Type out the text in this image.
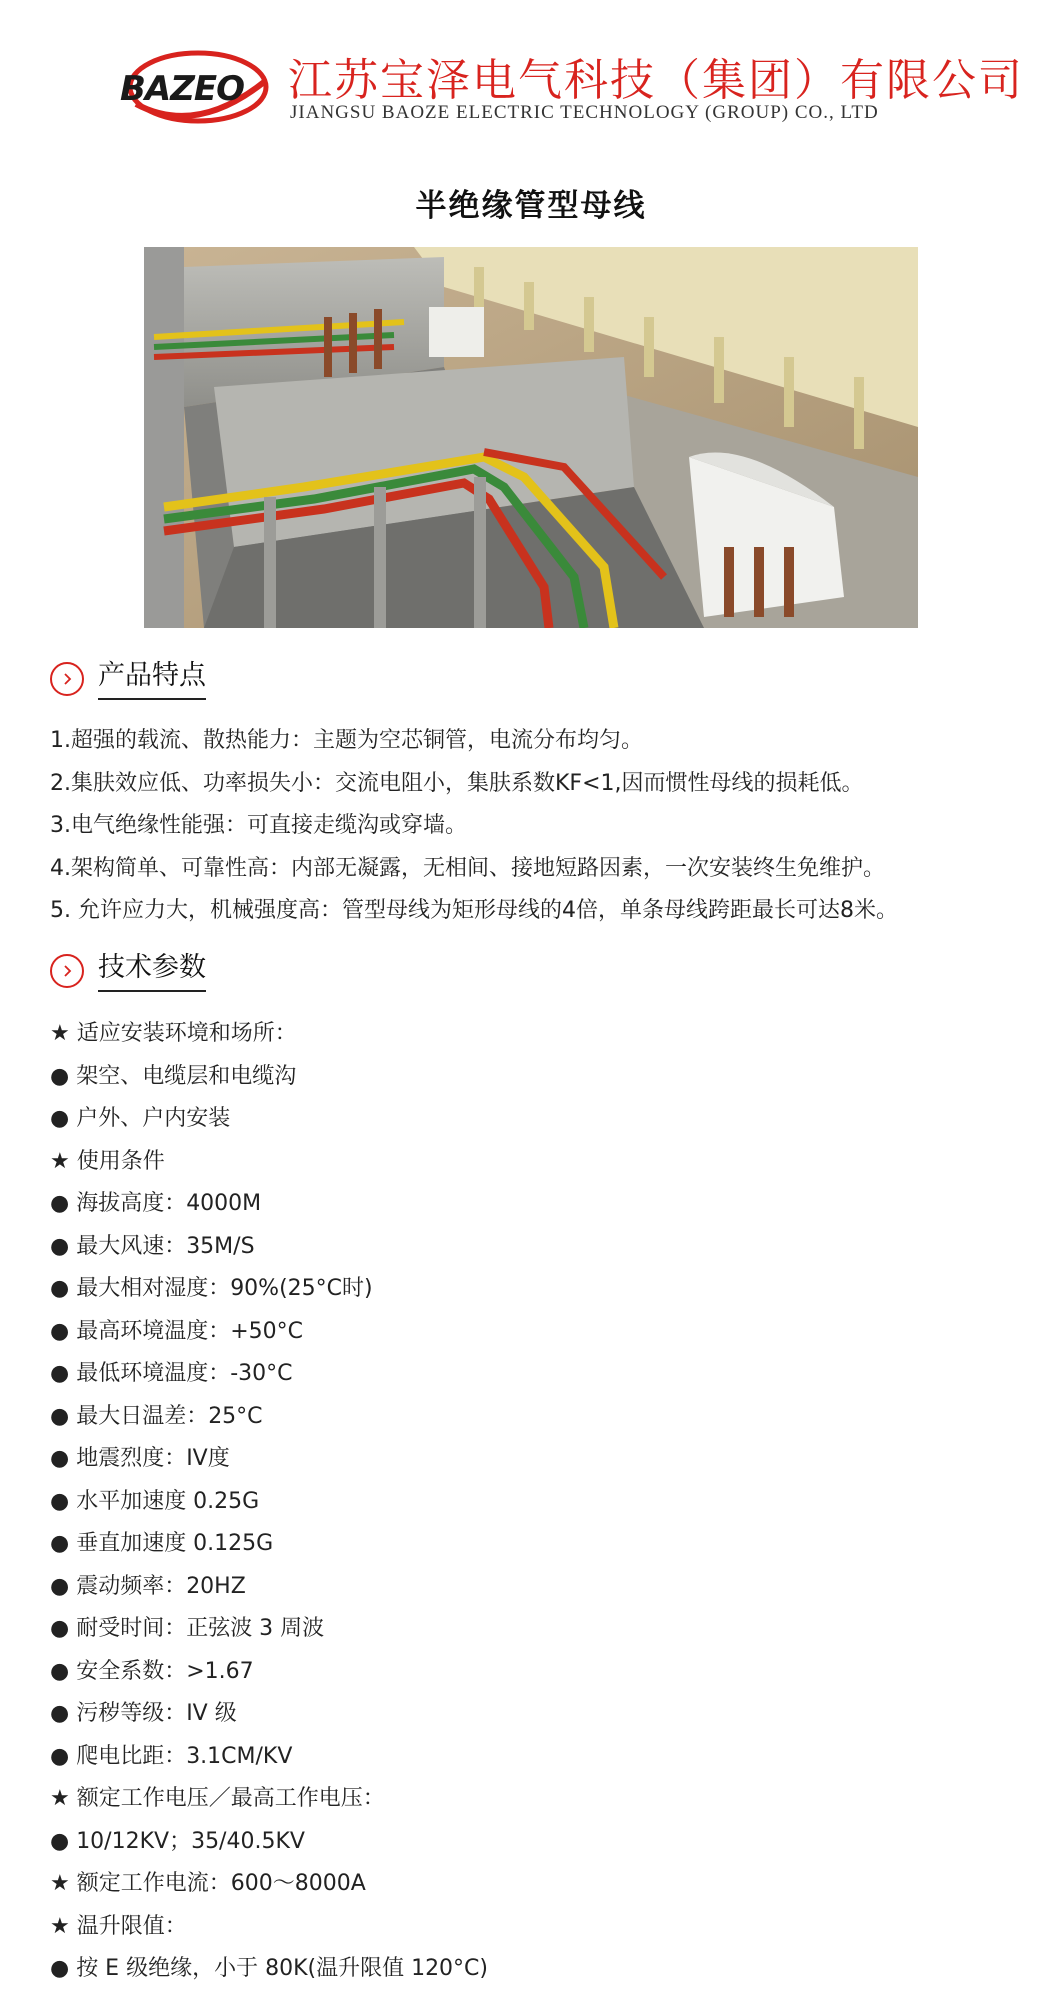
BAZEO 江苏宝泽电气科技（集团）有限公司
JIANGSU BAOZE ELECTRIC TECHNOLOGY (GROUP) CO., LTD
半绝缘管型母线
产品特点
1.超强的载流、散热能力：主题为空芯铜管，电流分布均匀。
2.集肤效应低、功率损失小：交流电阻小，集肤系数KF<1,因而惯性母线的损耗低。
3.电气绝缘性能强：可直接走缆沟或穿墙。
4.架构简单、可靠性高：内部无凝露，无相间、接地短路因素，一次安装终生免维护。
5. 允许应力大，机械强度高：管型母线为矩形母线的4倍，单条母线跨距最长可达8米。
技术参数
★ 适应安装环境和场所：
● 架空、电缆层和电缆沟
● 户外、户内安装
★ 使用条件
● 海拔高度：4000M
● 最大风速：35M/S
● 最大相对湿度：90%(25°C时)
● 最高环境温度：+50°C
● 最低环境温度：-30°C
● 最大日温差：25°C
● 地震烈度：IV度
● 水平加速度 0.25G
● 垂直加速度 0.125G
● 震动频率：20HZ
● 耐受时间：正弦波 3 周波
● 安全系数：>1.67
● 污秽等级：IV 级
● 爬电比距：3.1CM/KV
★ 额定工作电压／最高工作电压：
● 10/12KV；35/40.5KV
★ 额定工作电流：600～8000A
★ 温升限值：
● 按 E 级绝缘，小于 80K(温升限值 120°C)
